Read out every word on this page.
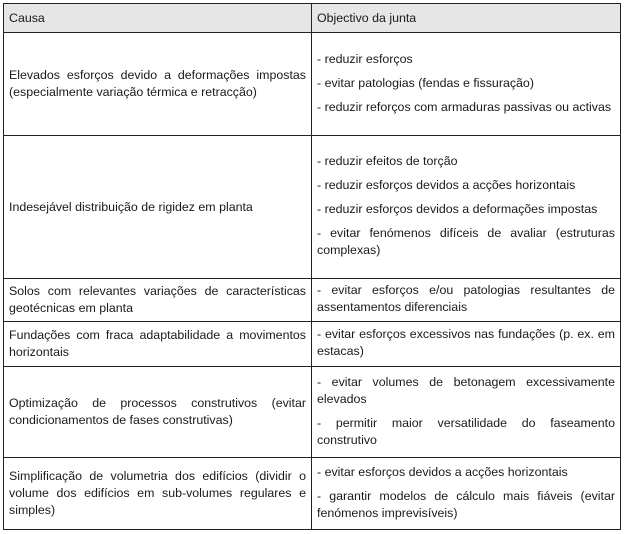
Causa	Objectivo da junta
Elevados esforços devido a deformações impostas (especialmente variação térmica e retracção)	- reduzir esforços

- evitar patologias (fendas e fissuração)

- reduzir reforços com armaduras passivas ou activas

Indesejável distribuição de rigidez em planta	- reduzir efeitos de torção

- reduzir esforços devidos a acções horizontais

- reduzir esforços devidos a deformações impostas

- evitar fenómenos difíceis de avaliar (estruturas complexas)

Solos com relevantes variações de características geotécnicas em planta	- evitar esforços e/ou patologias resultantes de assentamentos diferenciais

Fundações com fraca adaptabilidade a movimentos horizontais	- evitar esforços excessivos nas fundações (p. ex. em estacas)

Optimização de processos construtivos (evitar condicionamentos de fases construtivas)	- evitar volumes de betonagem excessivamente elevados

- permitir maior versatilidade do faseamento construtivo

Simplificação de volumetria dos edifícios (dividir o volume dos edifícios em sub-volumes regulares e simples)	- evitar esforços devidos a acções horizontais

- garantir modelos de cálculo mais fiáveis (evitar fenómenos imprevisíveis)
